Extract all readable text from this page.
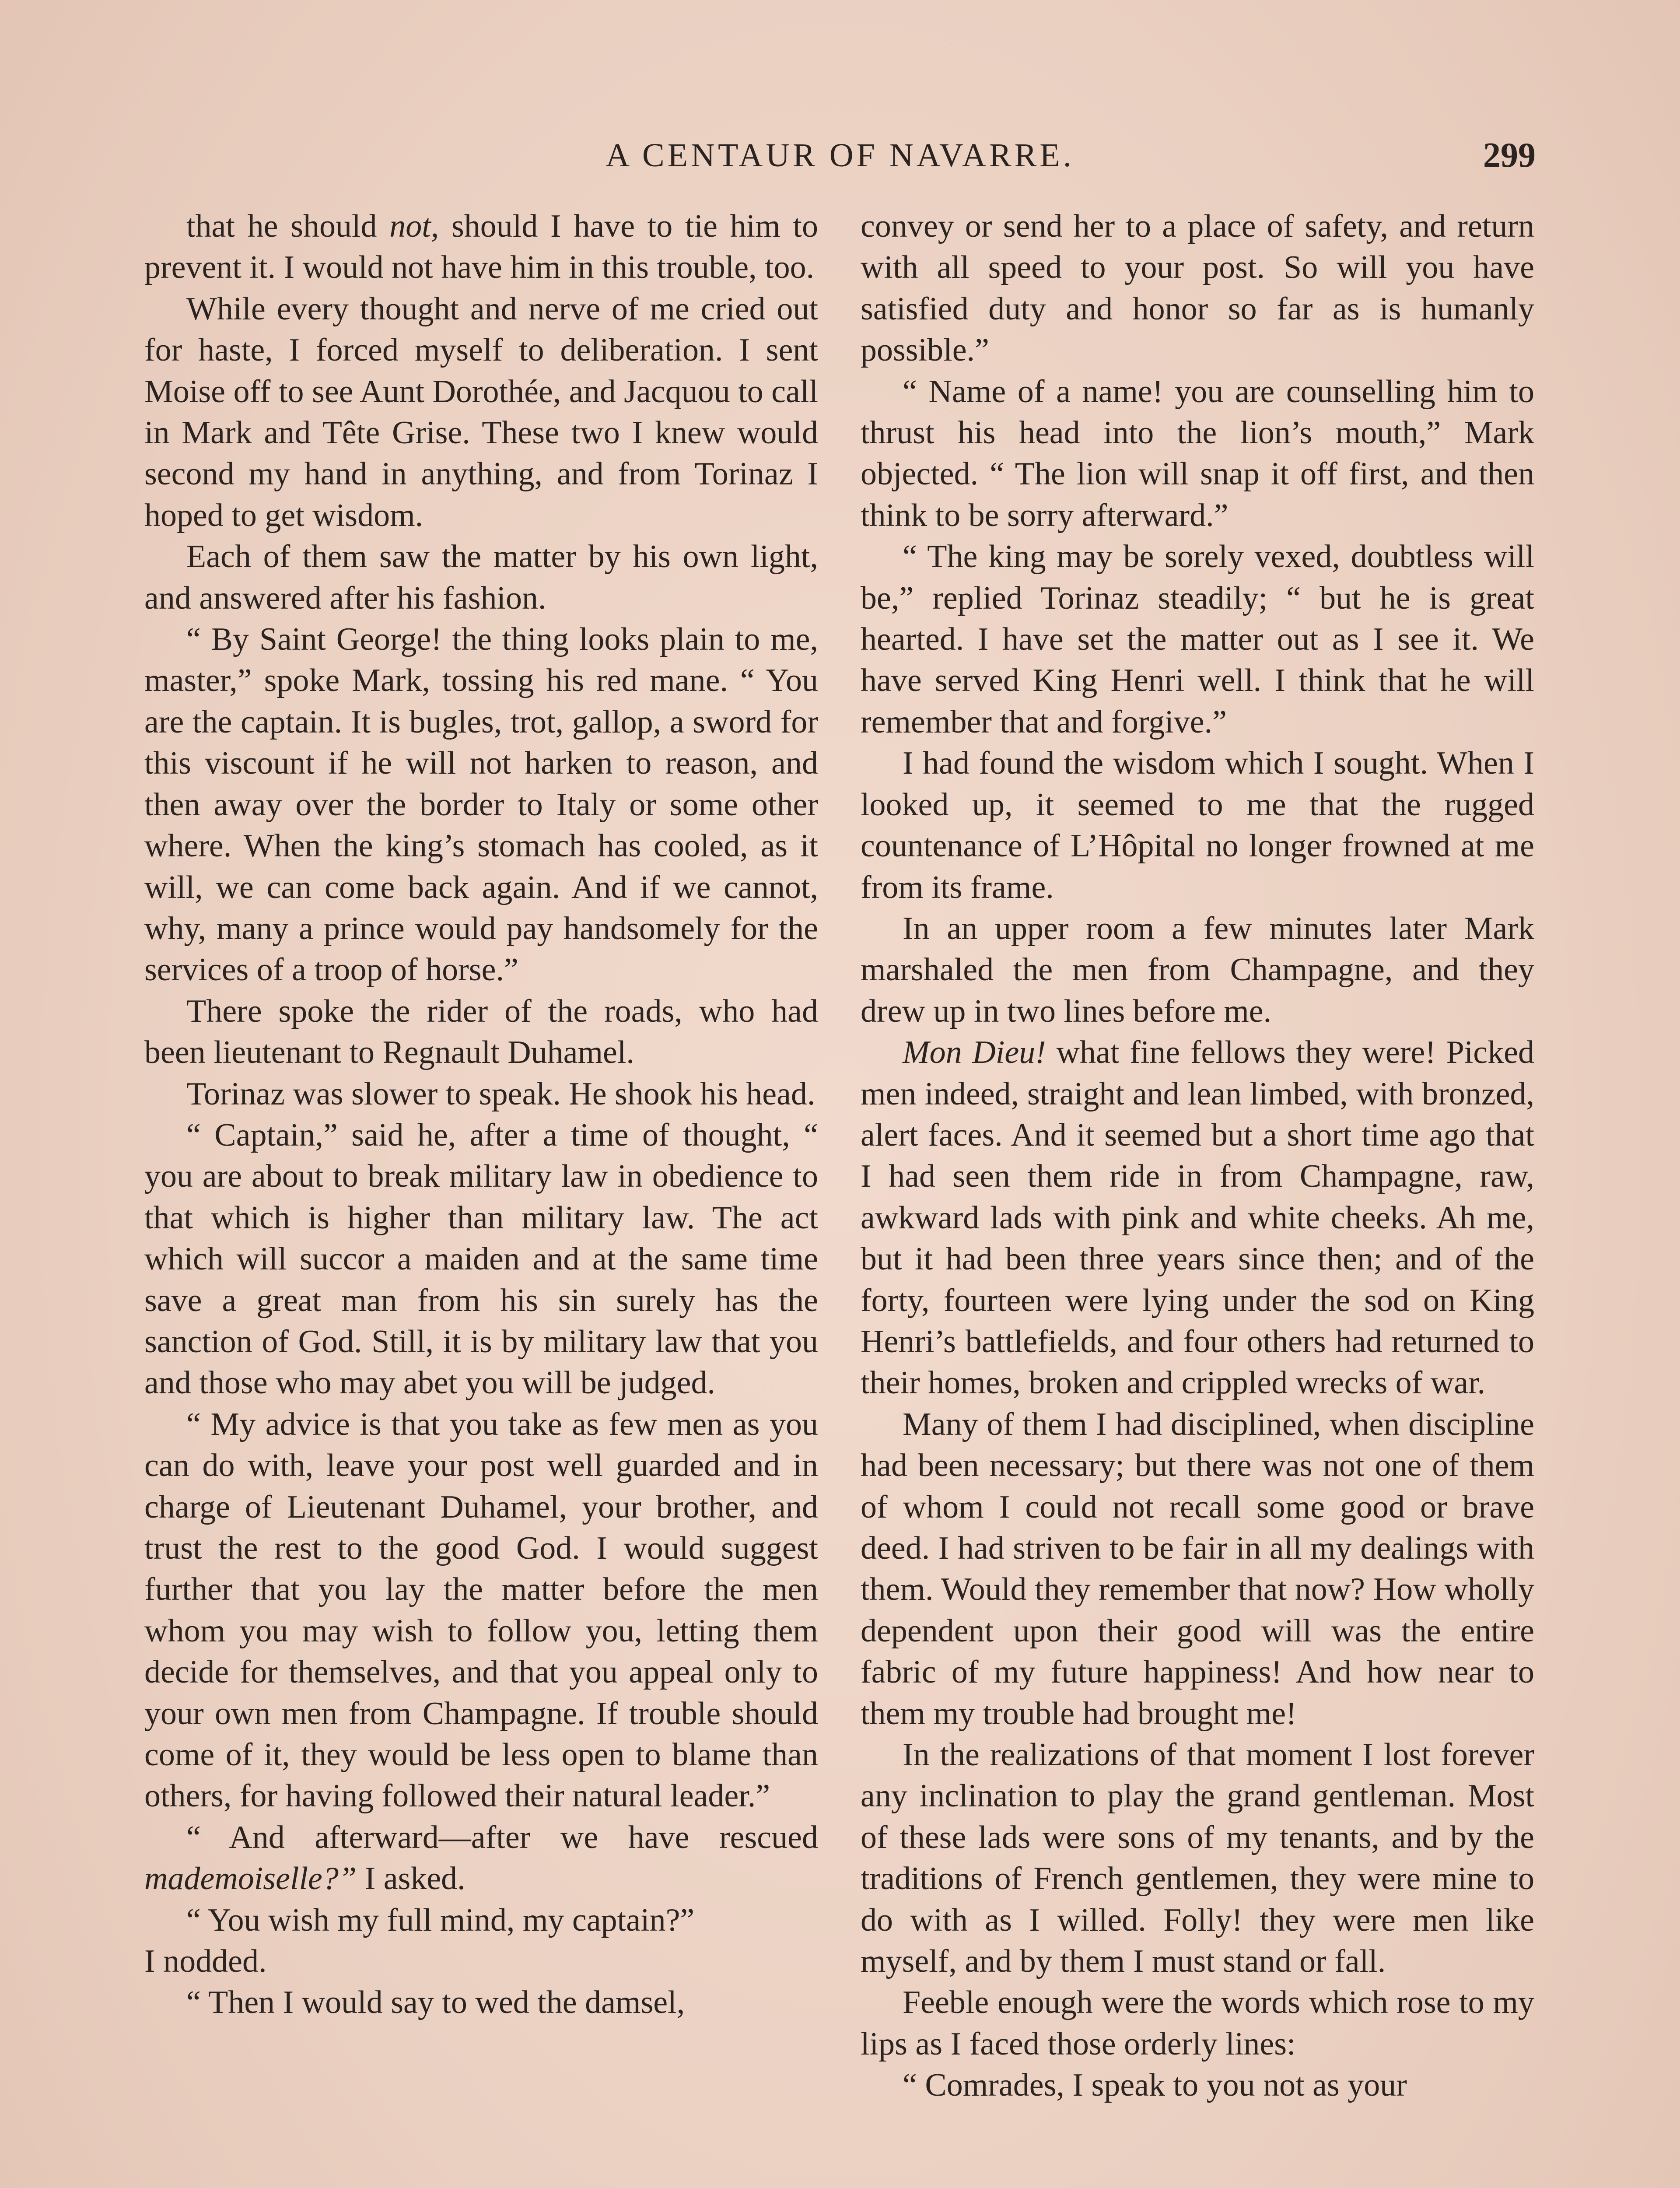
A CENTAUR OF NAVARRE.	299

that he should not, should I have to tie him to prevent it. I would not have him in this trouble, too.

While every thought and nerve of me cried out for haste, I forced myself to deliberation. I sent Moise off to see Aunt Dorothée, and Jacquou to call in Mark and Tête Grise. These two I knew would second my hand in anything, and from Torinaz I hoped to get wisdom.

Each of them saw the matter by his own light, and answered after his fashion.

“ By Saint George! the thing looks plain to me, master,” spoke Mark, tossing his red mane. “ You are the captain. It is bugles, trot, gallop, a sword for this viscount if he will not harken to reason, and then away over the border to Italy or some other where. When the king’s stomach has cooled, as it will, we can come back again. And if we cannot, why, many a prince would pay handsomely for the services of a troop of horse.”

There spoke the rider of the roads, who had been lieutenant to Regnault Duhamel.

Torinaz was slower to speak. He shook his head.

“ Captain,” said he, after a time of thought, “ you are about to break military law in obedience to that which is higher than military law. The act which will succor a maiden and at the same time save a great man from his sin surely has the sanction of God. Still, it is by military law that you and those who may abet you will be judged.

“ My advice is that you take as few men as you can do with, leave your post well guarded and in charge of Lieutenant Duhamel, your brother, and trust the rest to the good God. I would suggest further that you lay the matter before the men whom you may wish to follow you, letting them decide for themselves, and that you appeal only to your own men from Champagne. If trouble should come of it, they would be less open to blame than others, for having followed their natural leader.”

“ And afterward—after we have rescued mademoiselle?” I asked.

“ You wish my full mind, my captain?”

I nodded.

“ Then I would say to wed the damsel,

convey or send her to a place of safety, and return with all speed to your post. So will you have satisfied duty and honor so far as is humanly possible.”

“ Name of a name! you are counselling him to thrust his head into the lion’s mouth,” Mark objected. “ The lion will snap it off first, and then think to be sorry afterward.”

“ The king may be sorely vexed, doubtless will be,” replied Torinaz steadily; “ but he is great hearted. I have set the matter out as I see it. We have served King Henri well. I think that he will remember that and forgive.”

I had found the wisdom which I sought. When I looked up, it seemed to me that the rugged countenance of L’Hôpital no longer frowned at me from its frame.

In an upper room a few minutes later Mark marshaled the men from Champagne, and they drew up in two lines before me.

Mon Dieu! what fine fellows they were! Picked men indeed, straight and lean limbed, with bronzed, alert faces. And it seemed but a short time ago that I had seen them ride in from Champagne, raw, awkward lads with pink and white cheeks. Ah me, but it had been three years since then; and of the forty, fourteen were lying under the sod on King Henri’s battlefields, and four others had returned to their homes, broken and crippled wrecks of war.

Many of them I had disciplined, when discipline had been necessary; but there was not one of them of whom I could not recall some good or brave deed. I had striven to be fair in all my dealings with them. Would they remember that now? How wholly dependent upon their good will was the entire fabric of my future happiness! And how near to them my trouble had brought me!

In the realizations of that moment I lost forever any inclination to play the grand gentleman. Most of these lads were sons of my tenants, and by the traditions of French gentlemen, they were mine to do with as I willed. Folly! they were men like myself, and by them I must stand or fall.

Feeble enough were the words which rose to my lips as I faced those orderly lines:

“ Comrades, I speak to you not as your
